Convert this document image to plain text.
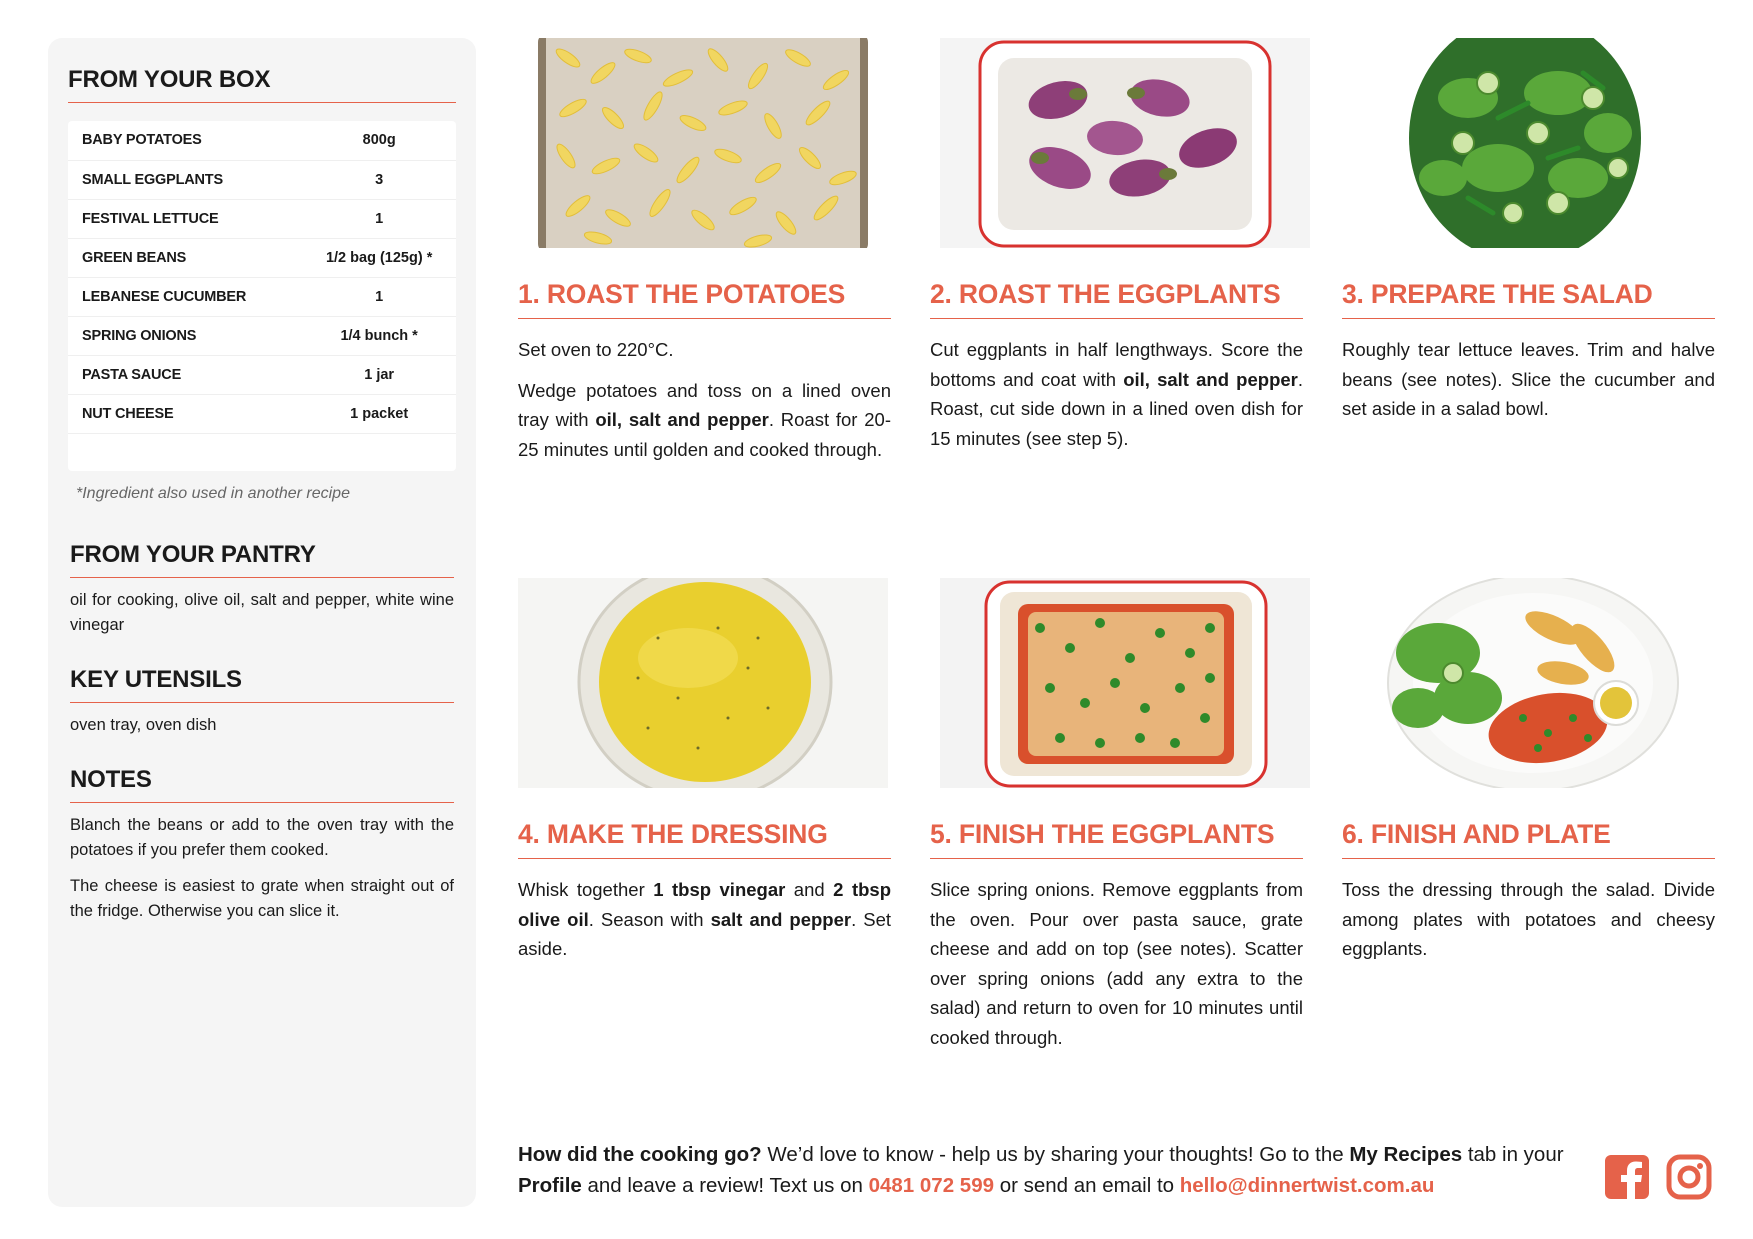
FROM YOUR BOX
BABY POTATOES	800g
SMALL EGGPLANTS	3
FESTIVAL LETTUCE	1
GREEN BEANS	1/2 bag (125g) *
LEBANESE CUCUMBER	1
SPRING ONIONS	1/4 bunch *
PASTA SAUCE	1 jar
NUT CHEESE	1 packet

*Ingredient also used in another recipe
FROM YOUR PANTRY
oil for cooking, olive oil, salt and pepper, white wine vinegar
KEY UTENSILS
oven tray, oven dish
NOTES
Blanch the beans or add to the oven tray with the potatoes if you prefer them cooked.
The cheese is easiest to grate when straight out of the fridge. Otherwise you can slice it.
1. ROAST THE POTATOES

Set oven to 220°C.

Wedge potatoes and toss on a lined oven tray with oil, salt and pepper. Roast for 20-25 minutes until golden and cooked through.

2. ROAST THE EGGPLANTS

Cut eggplants in half lengthways. Score the bottoms and coat with oil, salt and pepper. Roast, cut side down in a lined oven dish for 15 minutes (see step 5).

3. PREPARE THE SALAD
Roughly tear lettuce leaves. Trim and halve beans (see notes). Slice the cucumber and set aside in a salad bowl.
4. MAKE THE DRESSING

Whisk together 1 tbsp vinegar and 2 tbsp olive oil. Season with salt and pepper. Set aside.

5. FINISH THE EGGPLANTS
Slice spring onions. Remove eggplants from the oven. Pour over pasta sauce, grate cheese and add on top (see notes). Scatter over spring onions (add any extra to the salad) and return to oven for 10 minutes until cooked through.
6. FINISH AND PLATE
Toss the dressing through the salad. Divide among plates with potatoes and cheesy eggplants.
How did the cooking go? We’d love to know - help us by sharing your thoughts! Go to the My Recipes tab in your Profile and leave a review! Text us on 0481 072 599 or send an email to hello@dinnertwist.com.au
